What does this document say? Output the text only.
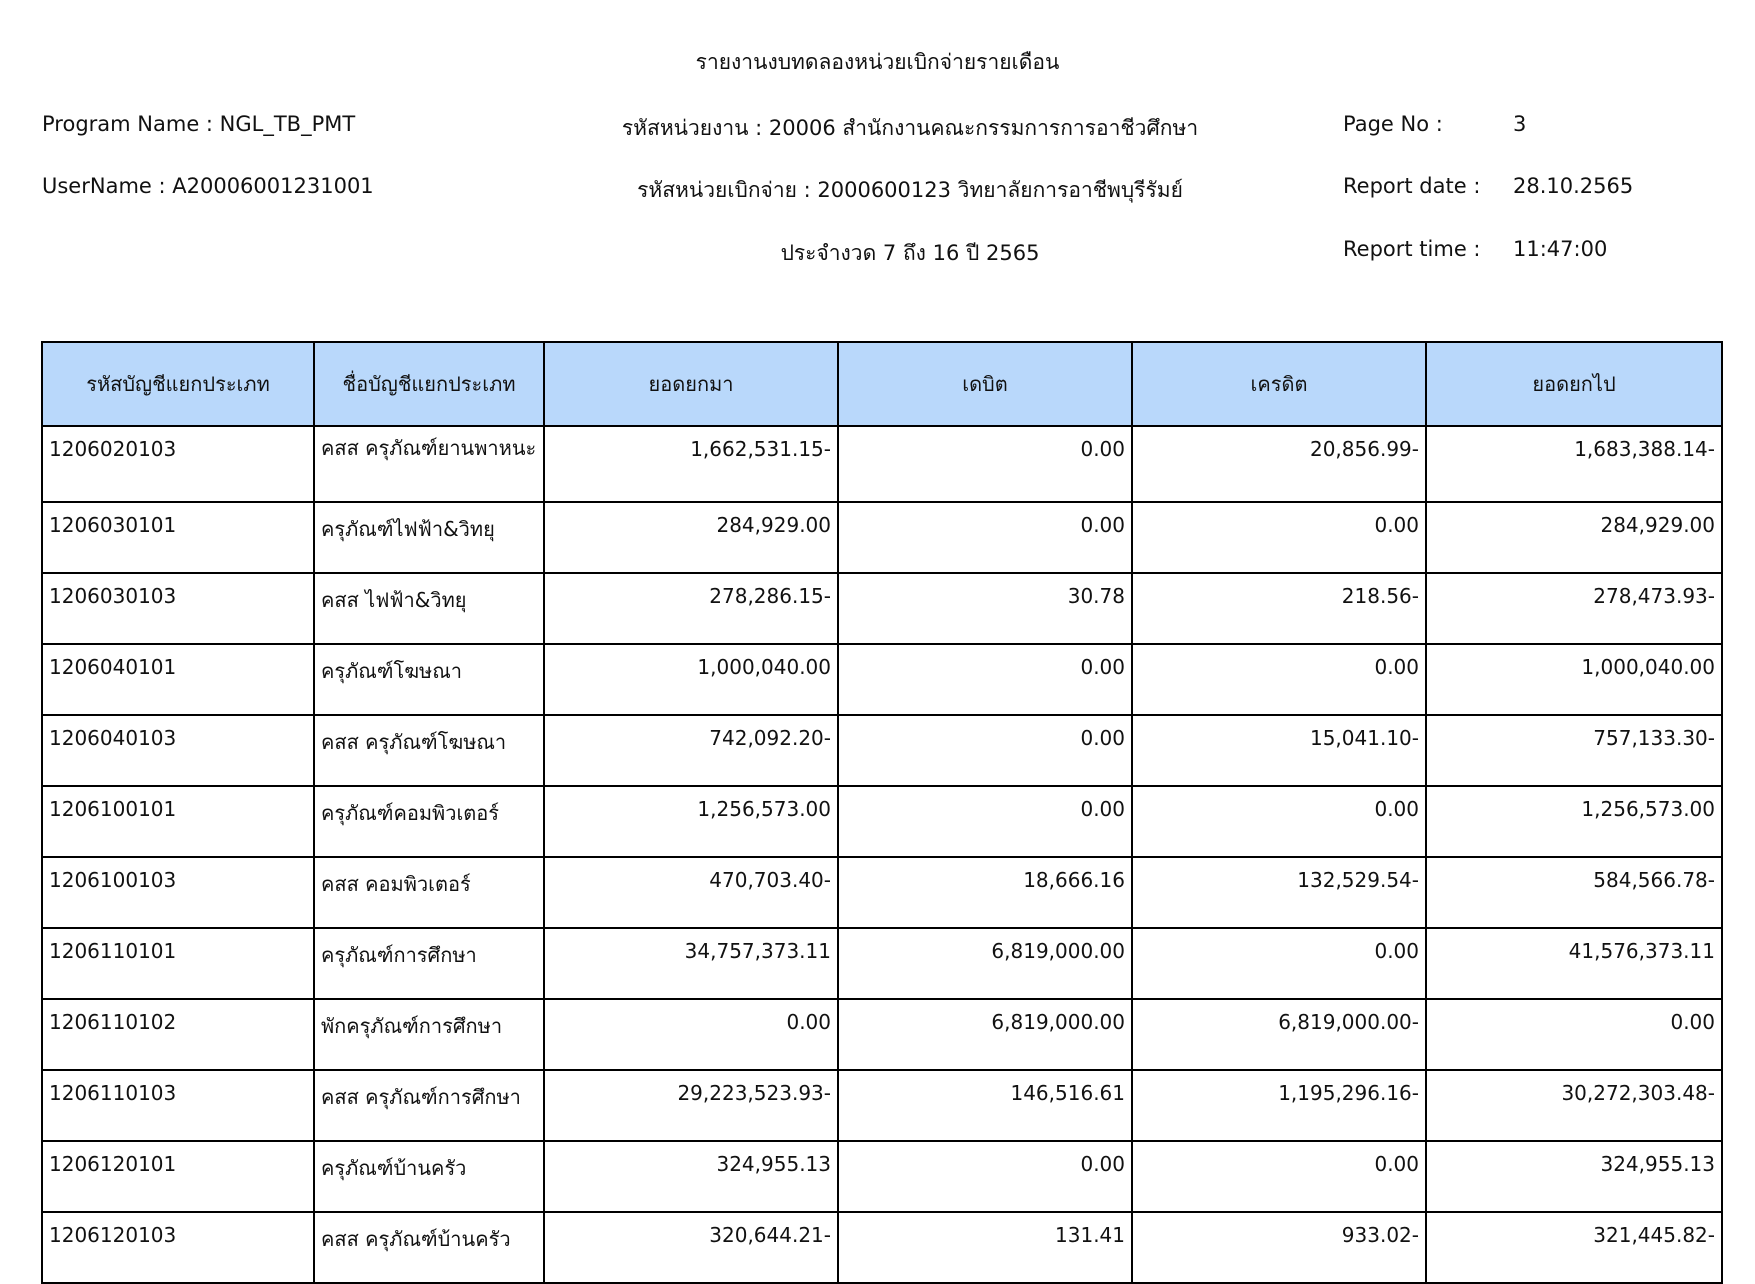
รายงานงบทดลองหน่วยเบิกจ่ายรายเดือน
Program Name : NGL_TB_PMT
UserName : A20006001231001
รหัสหน่วยงาน : 20006 สำนักงานคณะกรรมการการอาชีวศึกษา
รหัสหน่วยเบิกจ่าย : 2000600123 วิทยาลัยการอาชีพบุรีรัมย์
ประจำงวด 7 ถึง 16 ปี 2565
Page No :	3
Report date : 28.10.2565
Report time : 11:47:00
รหัสบัญชีแยกประเภท	ชื่อบัญชีแยกประเภท	ยอดยกมา	เดบิต	เครดิต	ยอดยกไป
1206020103	คสส ครุภัณฑ์ยานพาหนะ	1,662,531.15-	0.00	20,856.99-	1,683,388.14-
1206030101	ครุภัณฑ์ไฟฟ้า&วิทยุ	284,929.00	0.00	0.00	284,929.00
1206030103	คสส ไฟฟ้า&วิทยุ	278,286.15-	30.78	218.56-	278,473.93-
1206040101	ครุภัณฑ์โฆษณา	1,000,040.00	0.00	0.00	1,000,040.00
1206040103	คสส ครุภัณฑ์โฆษณา	742,092.20-	0.00	15,041.10-	757,133.30-
1206100101	ครุภัณฑ์คอมพิวเตอร์	1,256,573.00	0.00	0.00	1,256,573.00
1206100103	คสส คอมพิวเตอร์	470,703.40-	18,666.16	132,529.54-	584,566.78-
1206110101	ครุภัณฑ์การศึกษา	34,757,373.11	6,819,000.00	0.00	41,576,373.11
1206110102	พักครุภัณฑ์การศึกษา	0.00	6,819,000.00	6,819,000.00-	0.00
1206110103	คสส ครุภัณฑ์การศึกษา	29,223,523.93-	146,516.61	1,195,296.16-	30,272,303.48-
1206120101	ครุภัณฑ์บ้านครัว	324,955.13	0.00	0.00	324,955.13
1206120103	คสส ครุภัณฑ์บ้านครัว	320,644.21-	131.41	933.02-	321,445.82-
